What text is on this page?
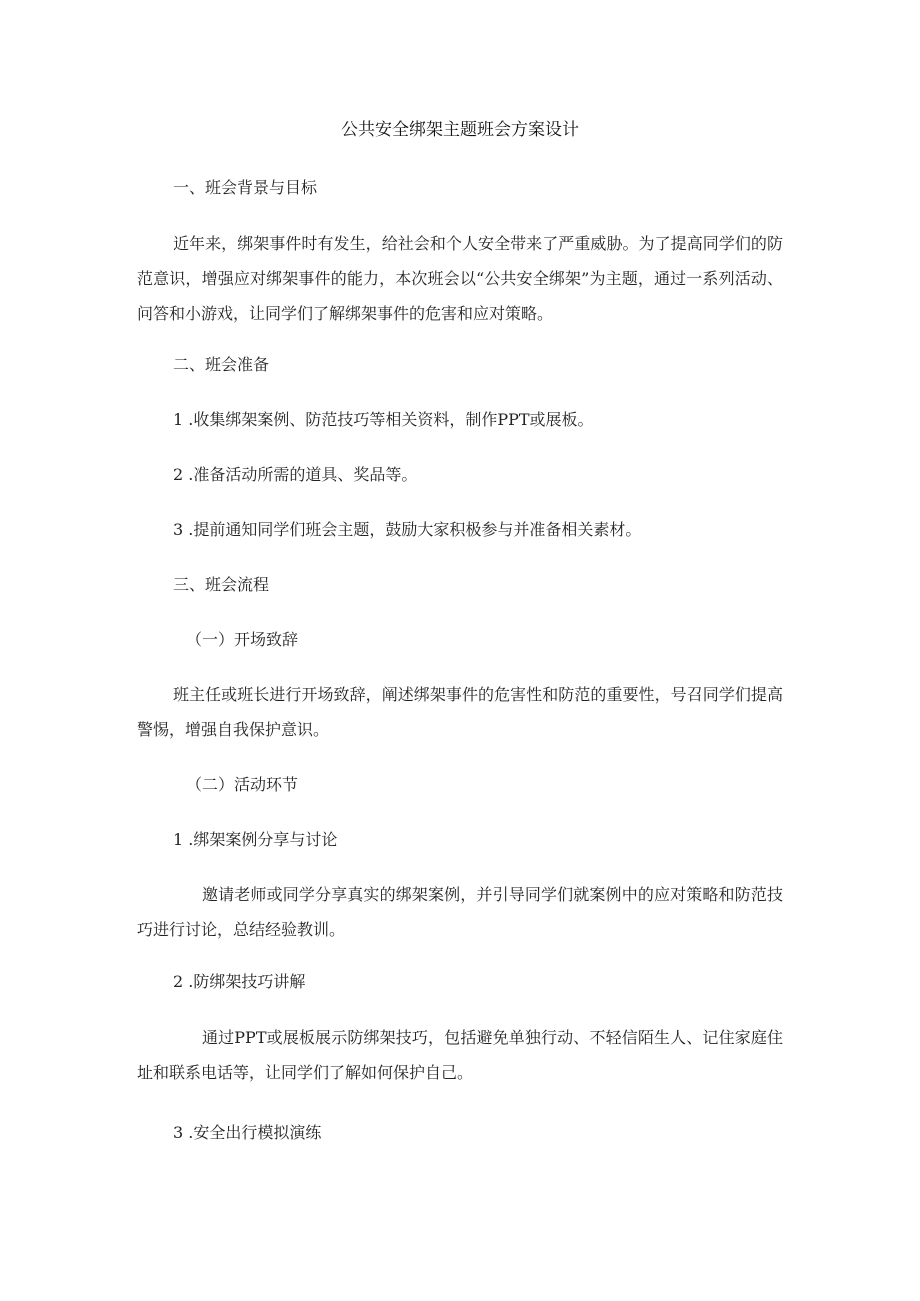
公共安全绑架主题班会方案设计
一、班会背景与目标
近年来，绑架事件时有发生，给社会和个人安全带来了严重威胁。为了提高同学们的防范意识，增强应对绑架事件的能力，本次班会以“公共安全绑架”为主题，通过一系列活动、问答和小游戏，让同学们了解绑架事件的危害和应对策略。
二、班会准备
1 .收集绑架案例、防范技巧等相关资料，制作PPT或展板。
2 .准备活动所需的道具、奖品等。
3 .提前通知同学们班会主题，鼓励大家积极参与并准备相关素材。
三、班会流程
（一）开场致辞
班主任或班长进行开场致辞，阐述绑架事件的危害性和防范的重要性，号召同学们提高警惕，增强自我保护意识。
（二）活动环节
1 .绑架案例分享与讨论
邀请老师或同学分享真实的绑架案例，并引导同学们就案例中的应对策略和防范技巧进行讨论，总结经验教训。
2 .防绑架技巧讲解
通过PPT或展板展示防绑架技巧，包括避免单独行动、不轻信陌生人、记住家庭住址和联系电话等，让同学们了解如何保护自己。
3 .安全出行模拟演练
